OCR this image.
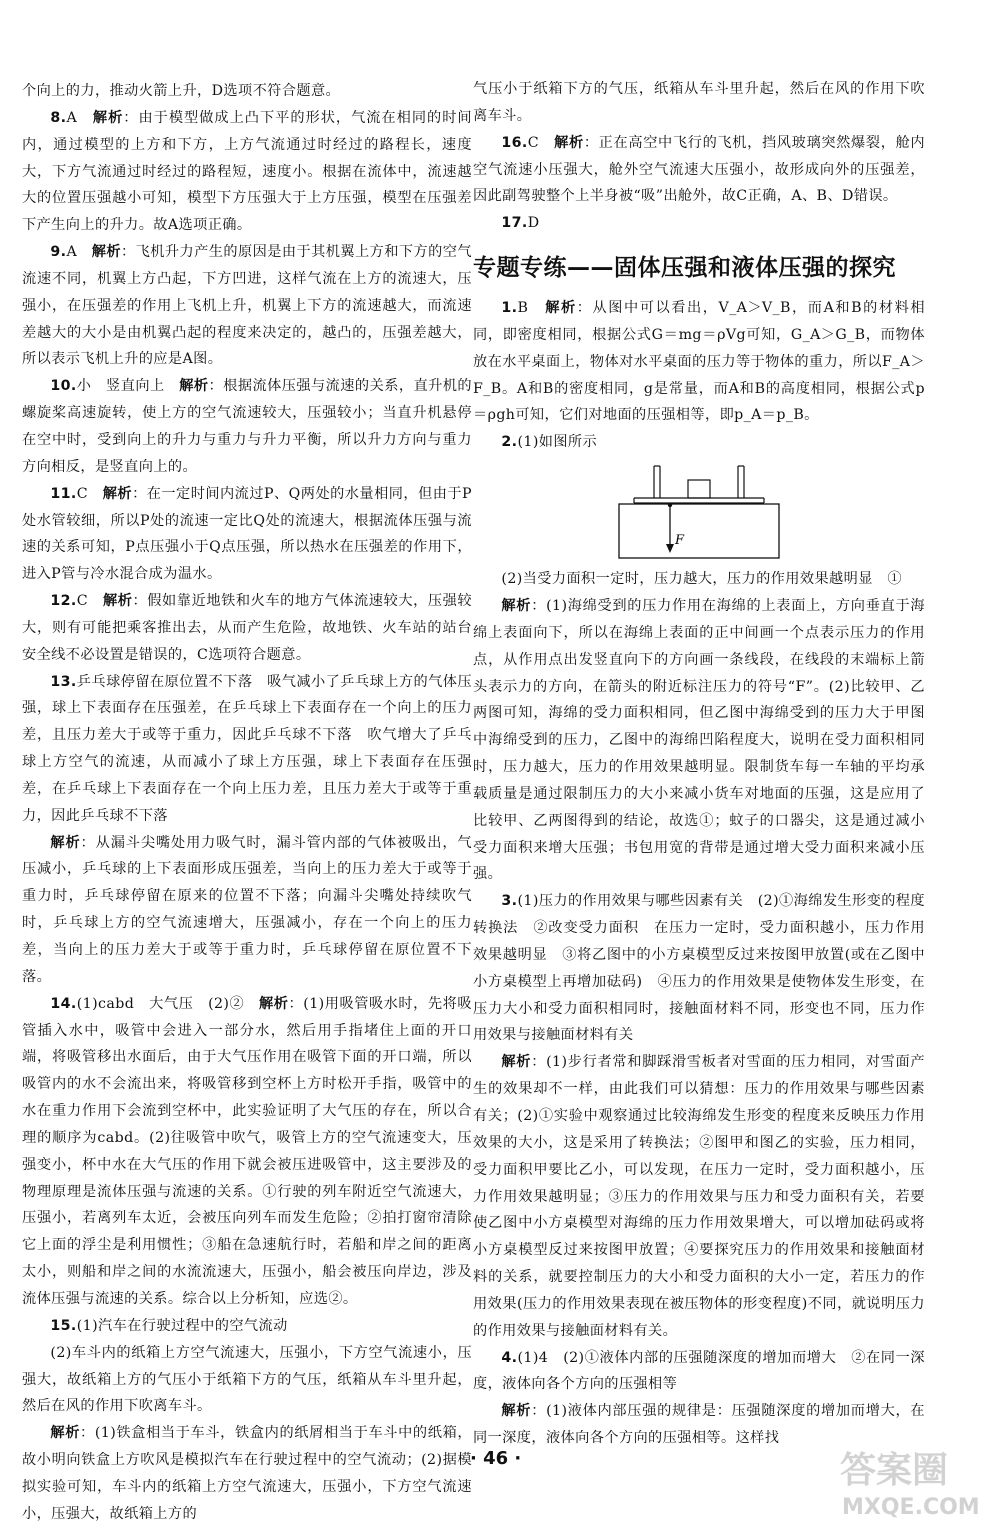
个向上的力，推动火箭上升，D选项不符合题意。

8.A　 解析：由于模型做成上凸下平的形状，气流在相同的时间内，通过模型的上方和下方，上方气流通过时经过的路程长，速度大，下方气流通过时经过的路程短，速度小。根据在流体中，流速越大的位置压强越小可知，模型下方压强大于上方压强，模型在压强差下产生向上的升力。故A选项正确。

9.A　 解析：飞机升力产生的原因是由于其机翼上方和下方的空气流速不同，机翼上方凸起，下方凹进，这样气流在上方的流速大，压强小，在压强差的作用上飞机上升，机翼上下方的流速越大，而流速差越大的大小是由机翼凸起的程度来决定的，越凸的，压强差越大，所以表示飞机上升的应是A图。

10.小　竖直向上　 解析：根据流体压强与流速的关系，直升机的螺旋桨高速旋转，使上方的空气流速较大，压强较小；当直升机悬停在空中时，受到向上的升力与重力与升力平衡，所以升力方向与重力方向相反，是竖直向上的。

11.C　 解析：在一定时间内流过P、Q两处的水量相同，但由于P处水管较细，所以P处的流速一定比Q处的流速大，根据流体压强与流速的关系可知，P点压强小于Q点压强，所以热水在压强差的作用下，进入P管与冷水混合成为温水。

12.C　 解析：假如靠近地铁和火车的地方气体流速较大，压强较大，则有可能把乘客推出去，从而产生危险，故地铁、火车站的站台安全线不必设置是错误的，C选项符合题意。

13.乒乓球停留在原位置不下落　吸气减小了乒乓球上方的气体压强，球上下表面存在压强差，在乒乓球上下表面存在一个向上的压力差，且压力差大于或等于重力，因此乒乓球不下落　吹气增大了乒乓球上方空气的流速，从而减小了球上方压强，球上下表面存在压强差，在乒乓球上下表面存在一个向上压力差，且压力差大于或等于重力，因此乒乓球不下落

解析：从漏斗尖嘴处用力吸气时，漏斗管内部的气体被吸出，气压减小，乒乓球的上下表面形成压强差，当向上的压力差大于或等于重力时，乒乓球停留在原来的位置不下落；向漏斗尖嘴处持续吹气时，乒乓球上方的空气流速增大，压强减小，存在一个向上的压力差，当向上的压力差大于或等于重力时，乒乓球停留在原位置不下落。

14.(1)cabd　大气压　(2)②　 解析：(1)用吸管吸水时，先将吸管插入水中，吸管中会进入一部分水，然后用手指堵住上面的开口端，将吸管移出水面后，由于大气压作用在吸管下面的开口端，所以吸管内的水不会流出来，将吸管移到空杯上方时松开手指，吸管中的水在重力作用下会流到空杯中，此实验证明了大气压的存在，所以合理的顺序为cabd。(2)往吸管中吹气，吸管上方的空气流速变大，压强变小，杯中水在大气压的作用下就会被压进吸管中，这主要涉及的物理原理是流体压强与流速的关系。①行驶的列车附近空气流速大，压强小，若离列车太近，会被压向列车而发生危险；②拍打窗帘清除它上面的浮尘是利用惯性；③船在急速航行时，若船和岸之间的距离太小，则船和岸之间的水流流速大，压强小，船会被压向岸边，涉及流体压强与流速的关系。综合以上分析知，应选②。

15.(1)汽车在行驶过程中的空气流动

(2)车斗内的纸箱上方空气流速大，压强小，下方空气流速小，压强大，故纸箱上方的气压小于纸箱下方的气压，纸箱从车斗里升起，然后在风的作用下吹离车斗。

解析：(1)铁盒相当于车斗，铁盒内的纸屑相当于车斗中的纸箱，故小明向铁盒上方吹风是模拟汽车在行驶过程中的空气流动；(2)据模拟实验可知，车斗内的纸箱上方空气流速大，压强小，下方空气流速小，压强大，故纸箱上方的

气压小于纸箱下方的气压，纸箱从车斗里升起，然后在风的作用下吹离车斗。

16.C　 解析：正在高空中飞行的飞机，挡风玻璃突然爆裂，舱内空气流速小压强大，舱外空气流速大压强小，故形成向外的压强差，因此副驾驶整个上半身被“吸”出舱外，故C正确，A、B、D错误。

17.D

专题专练——固体压强和液体压强的探究

1.B　 解析：从图中可以看出，V_A＞V_B，而A和B的材料相同，即密度相同，根据公式G＝mg＝ρVg可知，G_A＞G_B，而物体放在水平桌面上，物体对水平桌面的压力等于物体的重力，所以F_A＞F_B。A和B的密度相同，g是常量，而A和B的高度相同，根据公式p＝ρgh可知，它们对地面的压强相等，即p_A＝p_B。

2.(1)如图所示

F

(2)当受力面积一定时，压力越大，压力的作用效果越明显　①

解析：(1)海绵受到的压力作用在海绵的上表面上，方向垂直于海绵上表面向下，所以在海绵上表面的正中间画一个点表示压力的作用点，从作用点出发竖直向下的方向画一条线段，在线段的末端标上箭头表示力的方向，在箭头的附近标注压力的符号“F”。(2)比较甲、乙两图可知，海绵的受力面积相同，但乙图中海绵受到的压力大于甲图中海绵受到的压力，乙图中的海绵凹陷程度大，说明在受力面积相同时，压力越大，压力的作用效果越明显。限制货车每一车轴的平均承载质量是通过限制压力的大小来减小货车对地面的压强，这是应用了比较甲、乙两图得到的结论，故选①；蚊子的口器尖，这是通过减小受力面积来增大压强；书包用宽的背带是通过增大受力面积来减小压强。

3.(1)压力的作用效果与哪些因素有关　(2)①海绵发生形变的程度　转换法　②改变受力面积　在压力一定时，受力面积越小，压力作用效果越明显　③将乙图中的小方桌模型反过来按图甲放置(或在乙图中小方桌模型上再增加砝码)　④压力的作用效果是使物体发生形变，在压力大小和受力面积相同时，接触面材料不同，形变也不同，压力作用效果与接触面材料有关

解析：(1)步行者常和脚踩滑雪板者对雪面的压力相同，对雪面产生的效果却不一样，由此我们可以猜想：压力的作用效果与哪些因素有关；(2)①实验中观察通过比较海绵发生形变的程度来反映压力作用效果的大小，这是采用了转换法；②图甲和图乙的实验，压力相同，受力面积甲要比乙小，可以发现，在压力一定时，受力面积越小，压力作用效果越明显；③压力的作用效果与压力和受力面积有关，若要使乙图中小方桌模型对海绵的压力作用效果增大，可以增加砝码或将小方桌模型反过来按图甲放置；④要探究压力的作用效果和接触面材料的关系，就要控制压力的大小和受力面积的大小一定，若压力的作用效果(压力的作用效果表现在被压物体的形变程度)不同，就说明压力的作用效果与接触面材料有关。

4.(1)4　(2)①液体内部的压强随深度的增加而增大　②在同一深度，液体向各个方向的压强相等

解析：(1)液体内部压强的规律是：压强随深度的增加而增大，在同一深度，液体向各个方向的压强相等。这样找

· 46 ·	答案圈
MXQE.COM
